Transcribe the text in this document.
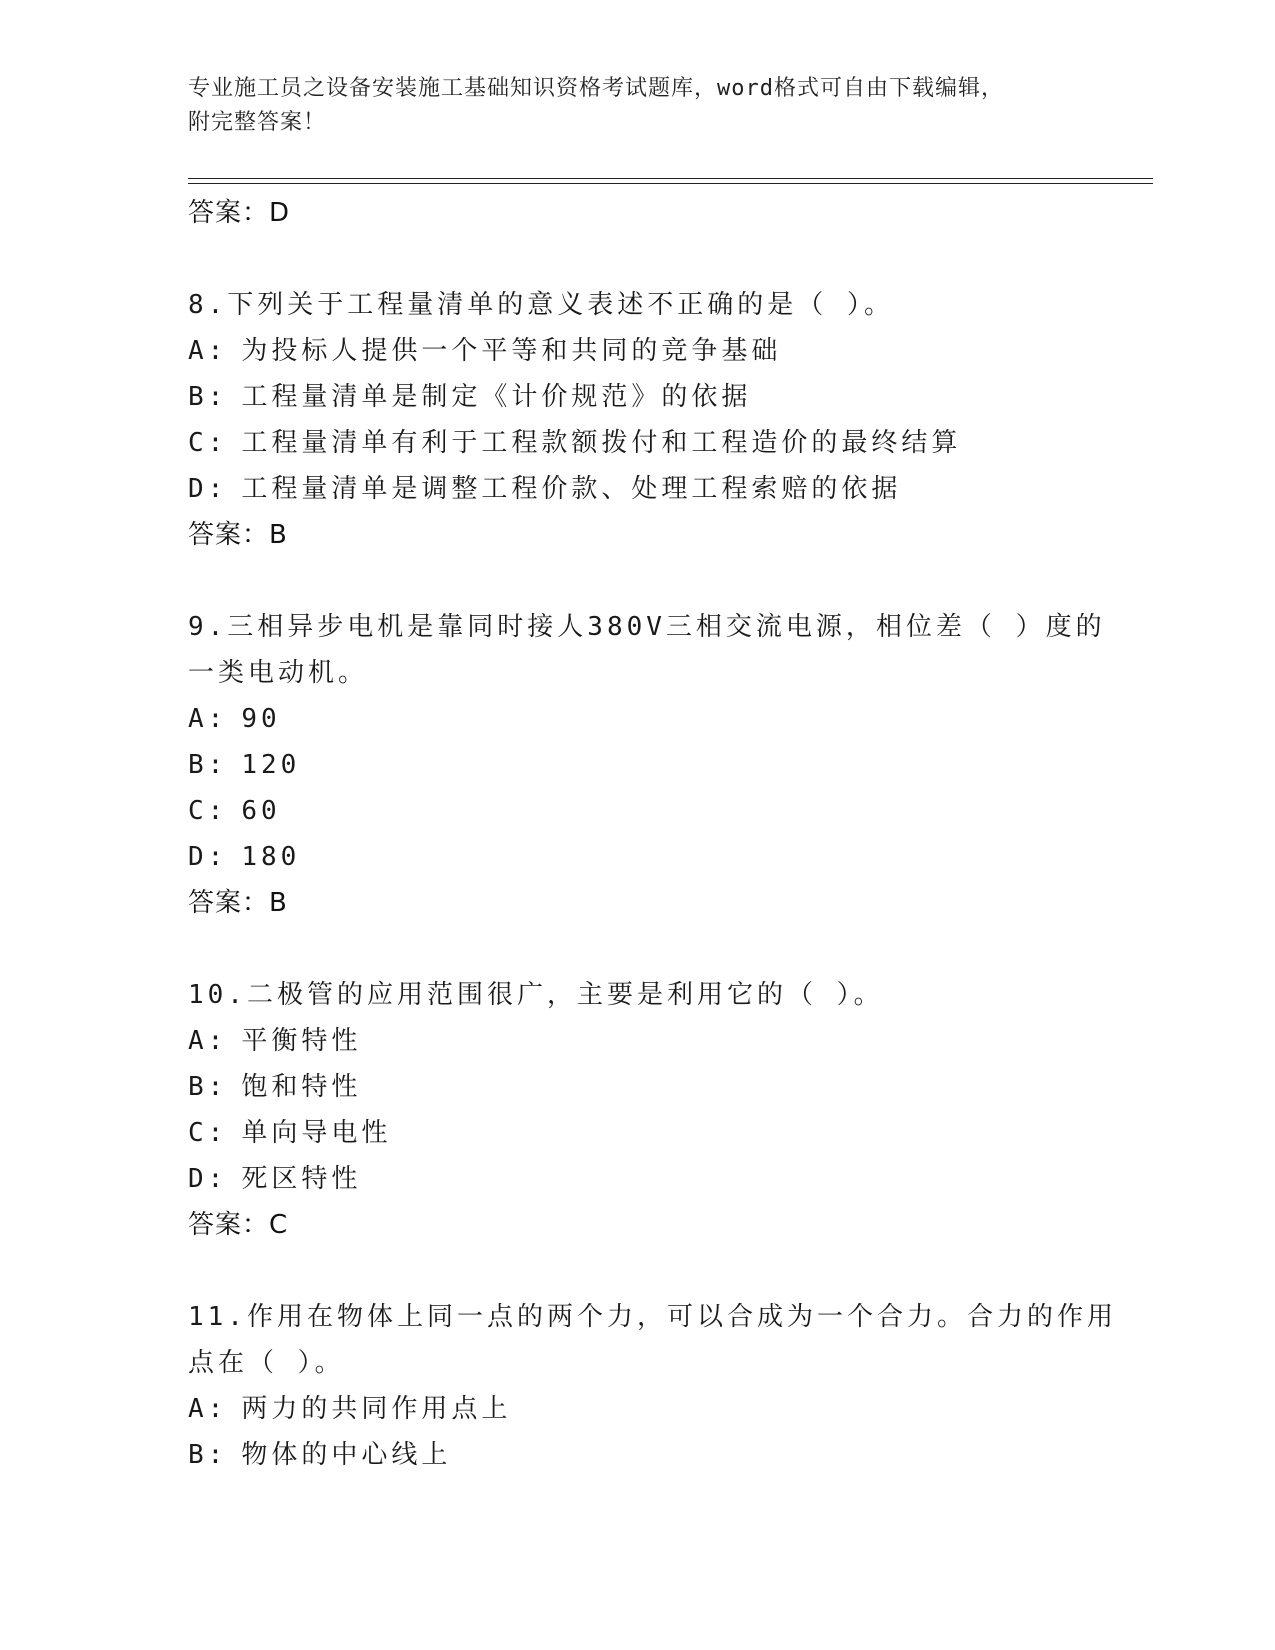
专业施工员之设备安装施工基础知识资格考试题库，word格式可自由下载编辑，
附完整答案！
答案：D
8.下列关于工程量清单的意义表述不正确的是（ ）。
A: 为投标人提供一个平等和共同的竞争基础
B: 工程量清单是制定《计价规范》的依据
C: 工程量清单有利于工程款额拨付和工程造价的最终结算
D: 工程量清单是调整工程价款、处理工程索赔的依据
答案：B
9.三相异步电机是靠同时接人380V三相交流电源，相位差（ ）度的
一类电动机。
A: 90
B: 120
C: 60
D: 180
答案：B
10.二极管的应用范围很广，主要是利用它的（ ）。
A: 平衡特性
B: 饱和特性
C: 单向导电性
D: 死区特性
答案：C
11.作用在物体上同一点的两个力，可以合成为一个合力。合力的作用
点在（ ）。
A: 两力的共同作用点上
B: 物体的中心线上
